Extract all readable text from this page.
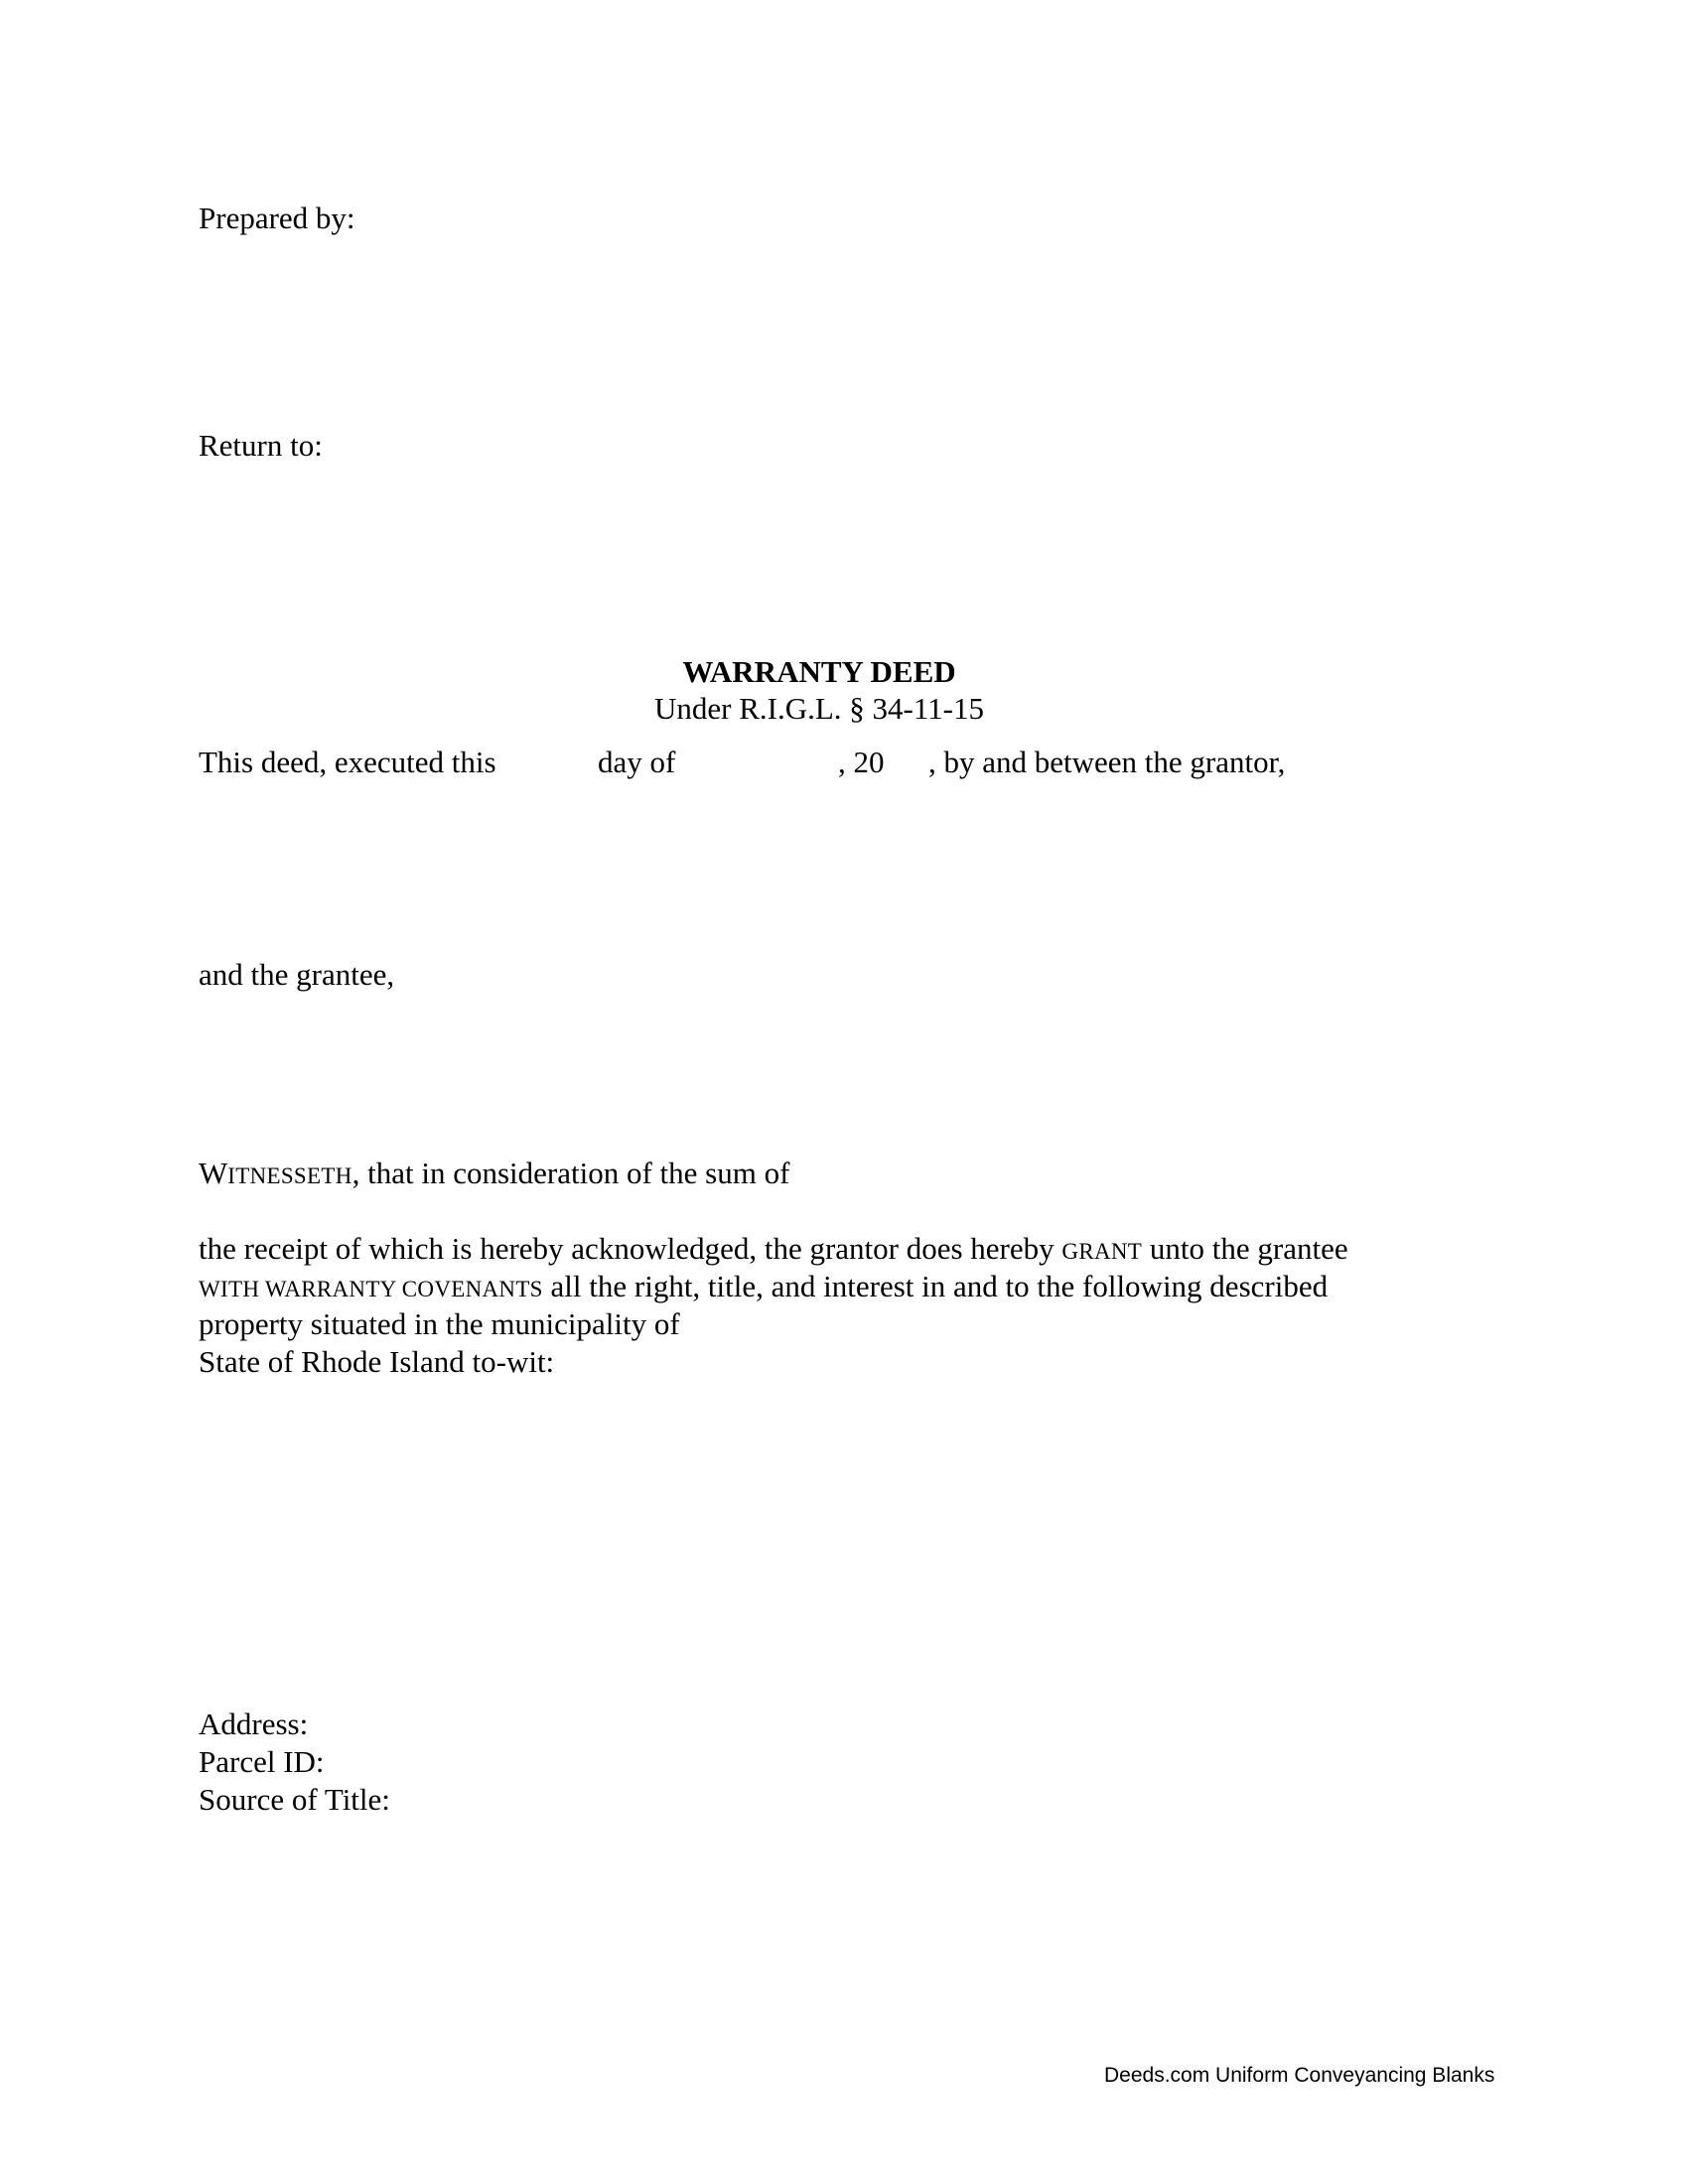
Prepared by:
Return to:
WARRANTY DEED
Under R.I.G.L. § 34-11-15
This deed, executed this	day of	, 20 , by and between the grantor,
and the grantee,
WITNESSETH, that in consideration of the sum of
the receipt of which is hereby acknowledged, the grantor does hereby GRANT unto the grantee
WITH WARRANTY COVENANTS all the right, title, and interest in and to the following described
property situated in the municipality of
State of Rhode Island to-wit:
Address:
Parcel ID:
Source of Title:
Deeds.com Uniform Conveyancing Blanks
